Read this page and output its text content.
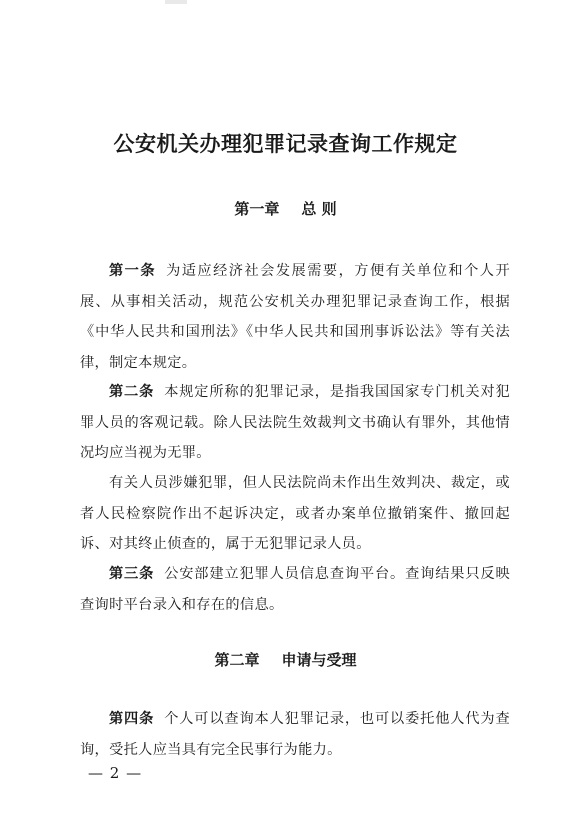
公安机关办理犯罪记录查询工作规定
第一章 总 则
第一条 为适应经济社会发展需要，方便有关单位和个人开展、从事相关活动，规范公安机关办理犯罪记录查询工作，根据《中华人民共和国刑法》《中华人民共和国刑事诉讼法》等有关法律，制定本规定。
第二条 本规定所称的犯罪记录，是指我国国家专门机关对犯罪人员的客观记载。除人民法院生效裁判文书确认有罪外，其他情况均应当视为无罪。
有关人员涉嫌犯罪，但人民法院尚未作出生效判决、裁定，或者人民检察院作出不起诉决定，或者办案单位撤销案件、撤回起诉、对其终止侦查的，属于无犯罪记录人员。
第三条 公安部建立犯罪人员信息查询平台。查询结果只反映查询时平台录入和存在的信息。
第二章 申请与受理
第四条 个人可以查询本人犯罪记录，也可以委托他人代为查询，受托人应当具有完全民事行为能力。
— 2 —
